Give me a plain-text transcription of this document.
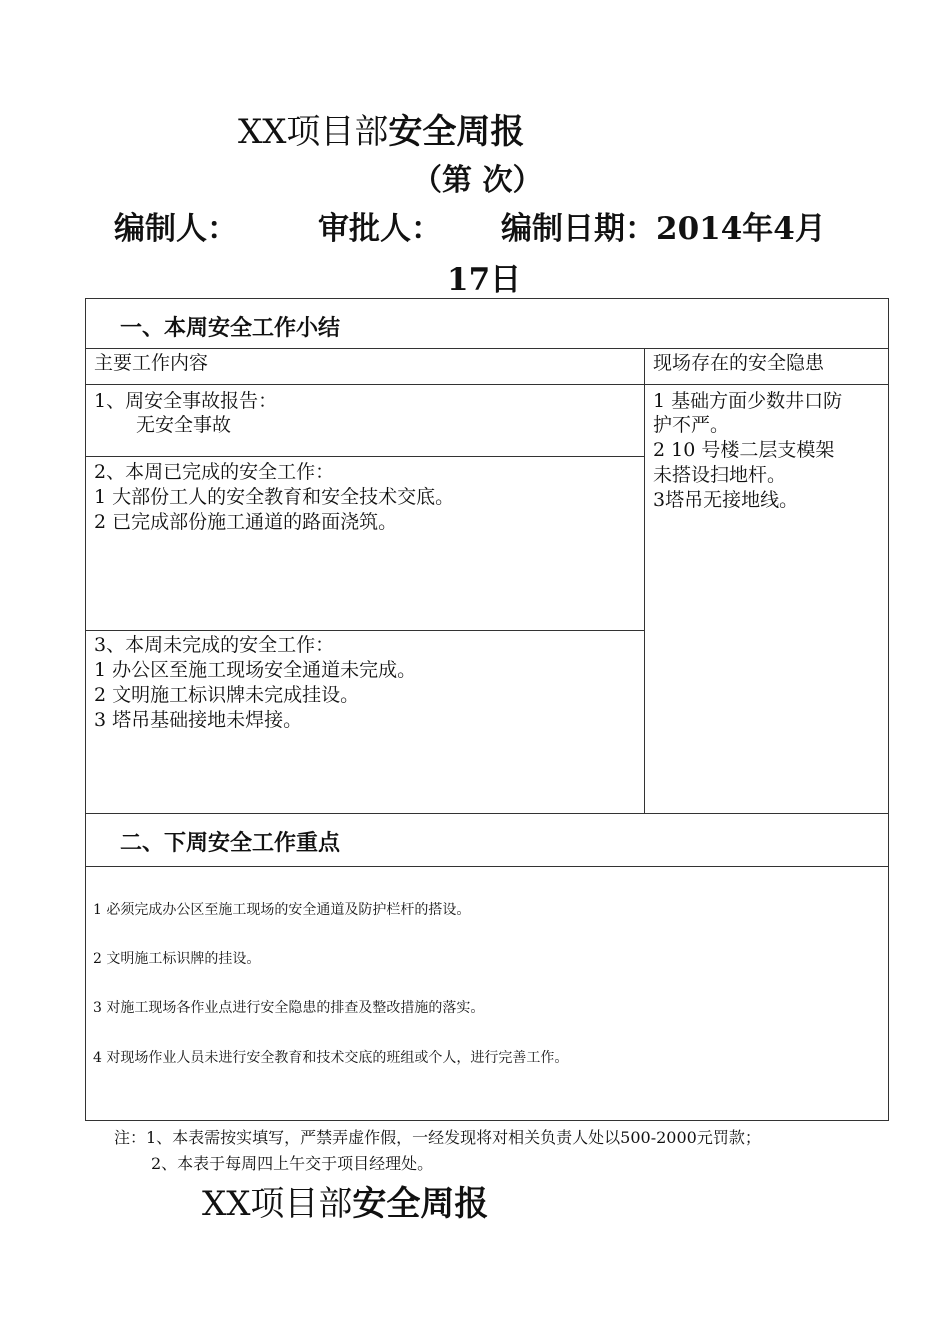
XX项目部安全周报
（第 次）
编制人：	审批人： 编制日期：2014年4月
17日
一、本周安全工作小结
主要工作内容	现场存在的安全隐患
1、周安全事故报告：
无安全事故
2、本周已完成的安全工作：
1 大部份工人的安全教育和安全技术交底。
2 已完成部份施工通道的路面浇筑。
3、本周未完成的安全工作：
1 办公区至施工现场安全通道未完成。
2 文明施工标识牌未完成挂设。
3 塔吊基础接地未焊接。
1 基础方面少数井口防
护不严。
2 10 号楼二层支模架
未搭设扫地杆。
3塔吊无接地线。
二、下周安全工作重点
1 必须完成办公区至施工现场的安全通道及防护栏杆的搭设。
2 文明施工标识牌的挂设。
3 对施工现场各作业点进行安全隐患的排查及整改措施的落实。
4 对现场作业人员未进行安全教育和技术交底的班组或个人，进行完善工作。
注：1、本表需按实填写，严禁弄虚作假，一经发现将对相关负责人处以500-2000元罚款；
2、本表于每周四上午交于项目经理处。
XX项目部安全周报
